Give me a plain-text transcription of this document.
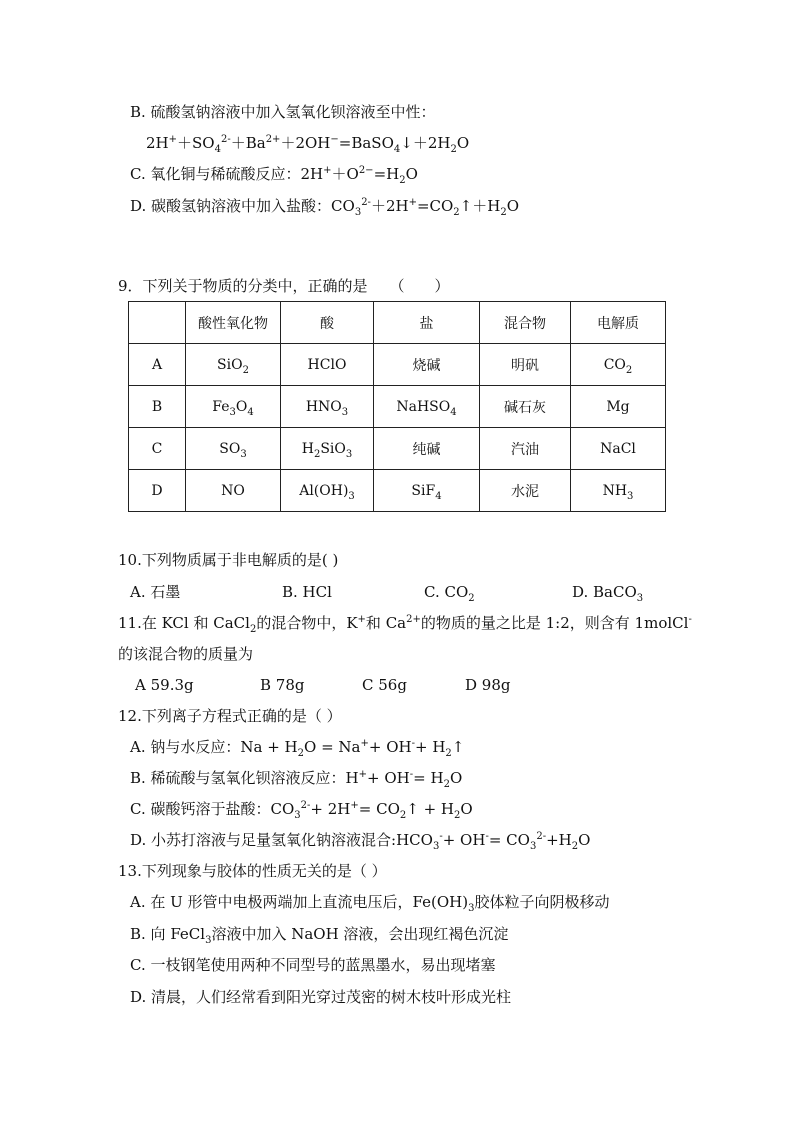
B. 硫酸氢钠溶液中加入氢氧化钡溶液至中性：
$2H^++SO_4^{2-}+Ba^{2+}+2OH^-=BaSO_4↓+2H_2O$
C. 氧化铜与稀硫酸反应：$2H^++O^{2-}=H_2O$
D. 碳酸氢钠溶液中加入盐酸：$CO_3^{2-}+2H^+=CO_2↑+H_2O$
9．下列关于物质的分类中，正确的是 （　　）
	酸性氧化物	酸	盐	混合物	电解质
A	SiO$_2$	HClO	烧碱	明矾	$CO_2$
B	$Fe_3O_4$	$HNO_3$	NaHSO$_4$	碱石灰	Mg
C	$SO_3$	$H_2SiO_3$	纯碱	汽油	NaCl
D	NO	$Al(OH)_3$	SiF$_4$	水泥	$NH_3$
10.下列物质属于非电解质的是( )
A. 石墨	B. HCl	C. $CO_2$	D. BaCO$_3$
11.在 KCl 和 CaCl$_2$的混合物中，K+和 $Ca^{2+}$的物质的量之比是 1:2，则含有 1molCl-
的该混合物的质量为
A 59.3g	B 78g	C 56g	D 98g
12.下列离子方程式正确的是（ ）
A. 钠与水反应：$Na + H_2O = Na^++ OH^-+$ $H_2↑$
B. 稀硫酸与氢氧化钡溶液反应：$H^++ OH^-= H_2O$
C. 碳酸钙溶于盐酸：$CO_3^{2-}+ 2H^+=$ $CO_2↑ + H_2O$
D. 小苏打溶液与足量氢氧化钠溶液混合$:HCO_3^-+ OH^-= CO_3^{2-}+H_2O$
13.下列现象与胶体的性质无关的是（ ）
A. 在 U 形管中电极两端加上直流电压后，$Fe(OH)_3$胶体粒子向阴极移动
B. 向 FeCl$_3$溶液中加入 NaOH 溶液，会出现红褐色沉淀
C. 一枝钢笔使用两种不同型号的蓝黑墨水，易出现堵塞
D. 清晨，人们经常看到阳光穿过茂密的树木枝叶形成光柱
